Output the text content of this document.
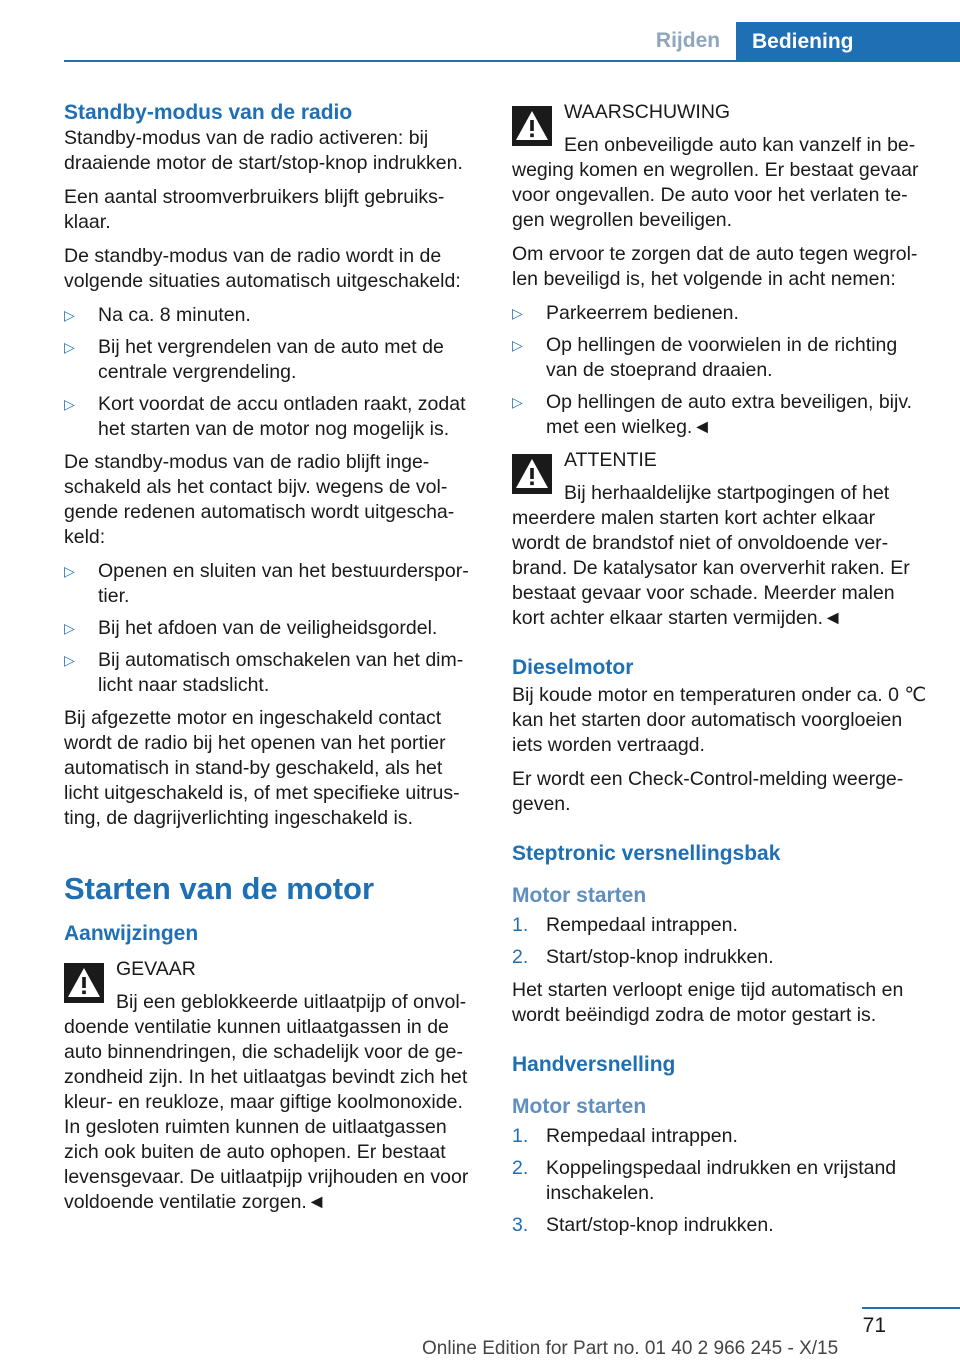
Rijden	Bediening
Standby-modus van de radio

Standby-modus van de radio activeren: bij draaiende motor de start/stop-knop indrukken.

Een aantal stroomverbruikers blijft gebruiksklaar.

De standby-modus van de radio wordt in de volgende situaties automatisch uitgeschakeld:

▷ Na ca. 8 minuten.
▷ Bij het vergrendelen van de auto met de centrale vergrendeling.
▷ Kort voordat de accu ontladen raakt, zodat het starten van de motor nog mogelijk is.

De standby-modus van de radio blijft ingeschakeld als het contact bijv. wegens de volgende redenen automatisch wordt uitgeschakeld:

▷ Openen en sluiten van het bestuurdersportier.
▷ Bij het afdoen van de veiligheidsgordel.
▷ Bij automatisch omschakelen van het dimlicht naar stadslicht.

Bij afgezette motor en ingeschakeld contact wordt de radio bij het openen van het portier automatisch in stand-by geschakeld, als het licht uitgeschakeld is, of met specifieke uitrusting, de dagrijverlichting ingeschakeld is.

Starten van de motor
Aanwijzingen
GEVAAR
Bij een geblokkeerde uitlaatpijp of onvoldoende ventilatie kunnen uitlaatgassen in de auto binnendringen, die schadelijk voor de gezondheid zijn. In het uitlaatgas bevindt zich het kleur- en reukloze, maar giftige koolmonoxide. In gesloten ruimten kunnen de uitlaatgassen zich ook buiten de auto ophopen. Er bestaat levensgevaar. De uitlaatpijp vrijhouden en voor voldoende ventilatie zorgen.◄
WAARSCHUWING
Een onbeveiligde auto kan vanzelf in beweging komen en wegrollen. Er bestaat gevaar voor ongevallen. De auto voor het verlaten tegen wegrollen beveiligen.

Om ervoor te zorgen dat de auto tegen wegrollen beveiligd is, het volgende in acht nemen:

▷ Parkeerrem bedienen.
▷ Op hellingen de voorwielen in de richting van de stoeprand draaien.
▷ Op hellingen de auto extra beveiligen, bijv. met een wielkeg.◄
ATTENTIE
Bij herhaaldelijke startpogingen of het meerdere malen starten kort achter elkaar wordt de brandstof niet of onvoldoende verbrand. De katalysator kan oververhit raken. Er bestaat gevaar voor schade. Meerder malen kort achter elkaar starten vermijden.◄
Dieselmotor

Bij koude motor en temperaturen onder ca. 0 ℃ kan het starten door automatisch voorgloeien iets worden vertraagd.

Er wordt een Check-Control-melding weergegeven.

Steptronic versnellingsbak
Motor starten
1. Rempedaal intrappen.
2. Start/stop-knop indrukken.

Het starten verloopt enige tijd automatisch en wordt beëindigd zodra de motor gestart is.

Handversnelling
Motor starten
1. Rempedaal intrappen.
2. Koppelingspedaal indrukken en vrijstand inschakelen.
3. Start/stop-knop indrukken.
71
Online Edition for Part no. 01 40 2 966 245 - X/15
